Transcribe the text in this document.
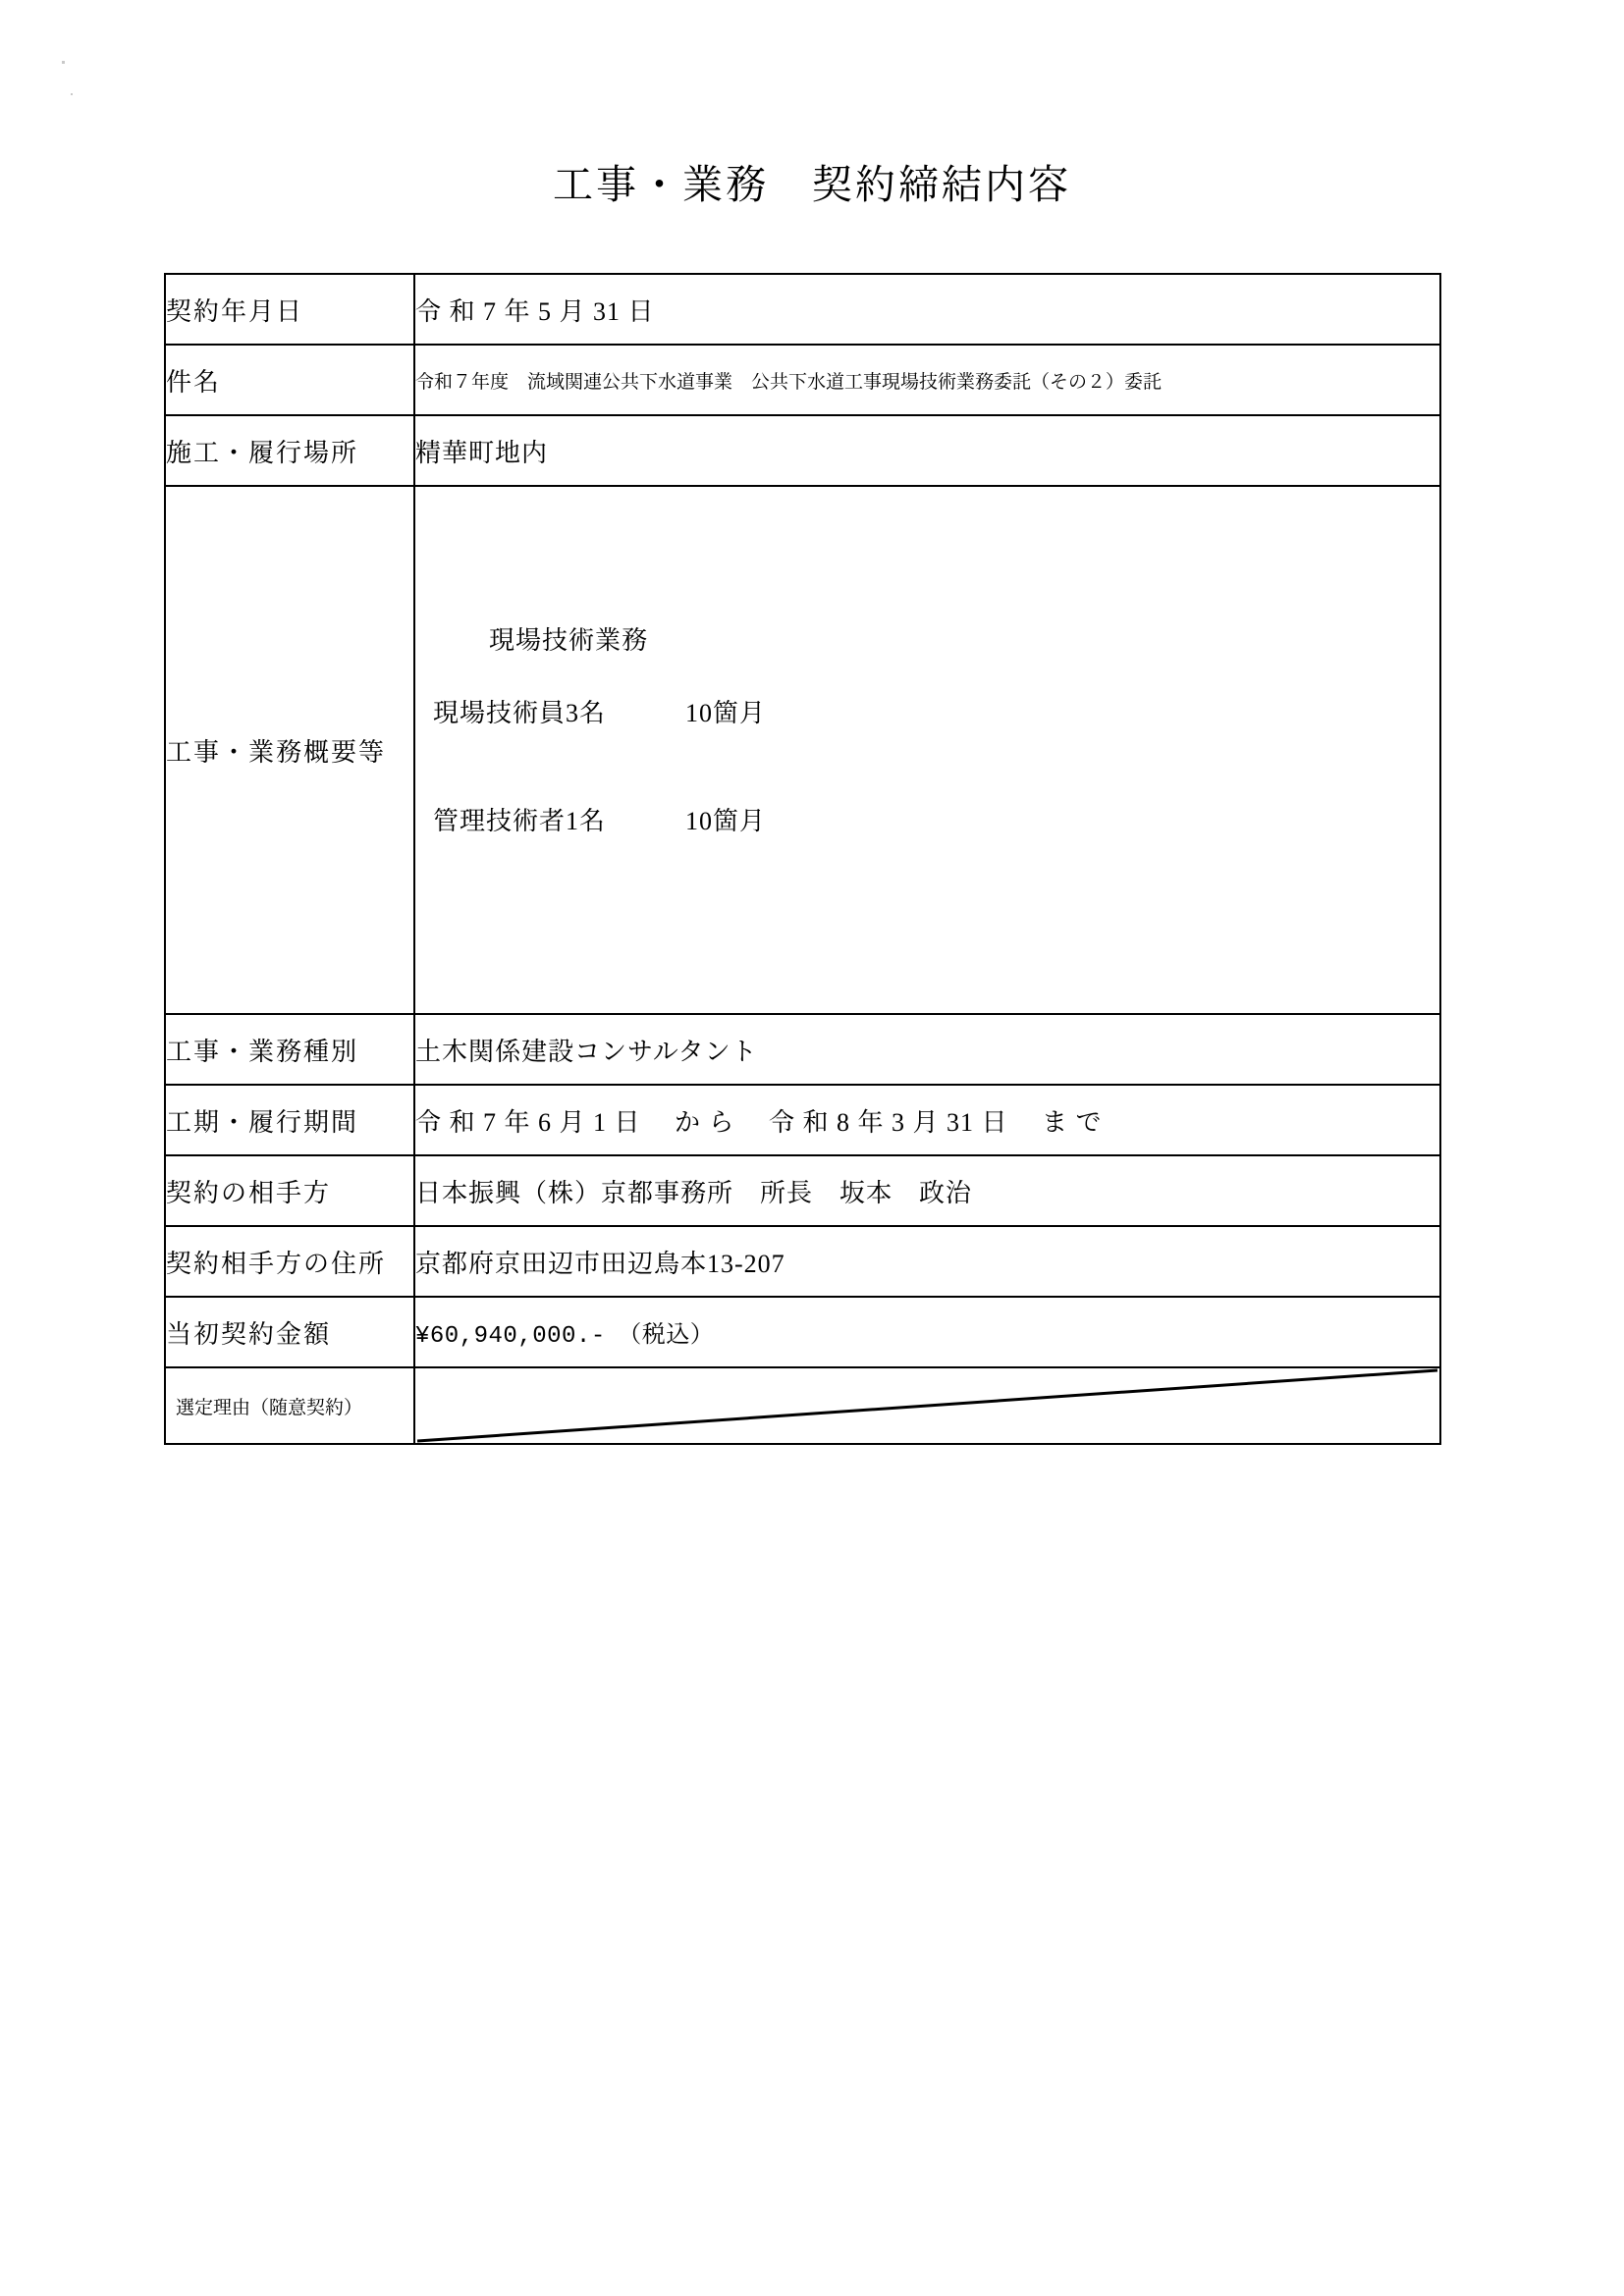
工事・業務　契約締結内容
契約年月日	令 和 7 年 5 月 31 日
件名	令和７年度　流域関連公共下水道事業　公共下水道工事現場技術業務委託（その２）委託
施工・履行場所	精華町地内
工事・業務概要等	現場技術業務

現場技術員3名　　　10箇月

管理技術者1名　　　10箇月

工事・業務種別	土木関係建設コンサルタント
工期・履行期間	令 和 7 年 6 月 1 日　 か ら　 令 和 8 年 3 月 31 日　 ま で
契約の相手方	日本振興（株）京都事務所　所長　坂本　政治
契約相手方の住所	京都府京田辺市田辺鳥本13-207
当初契約金額	¥60,940,000.-　（税込）
選定理由（随意契約）	
